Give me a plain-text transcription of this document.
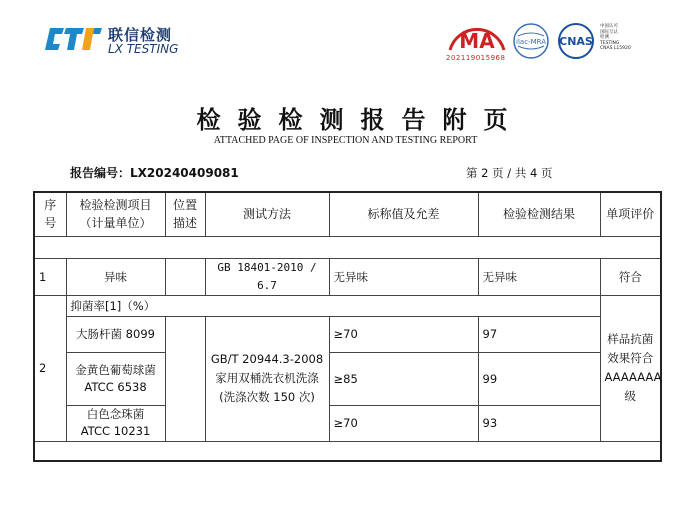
联信检测
LX TESTING	MA
202119015968
ilac-MRA CNAS
中国认可
国际互认
检测
TESTING
CNAS L15920
检验检测报告附页
ATTACHED PAGE OF INSPECTION AND TESTING REPORT
报告编号：LX20240409081	第 2 页 / 共 4 页
序号	检验检测项目（计量单位）	位置描述	测试方法	标称值及允差	检验检测结果	单项评价

1	异味		GB 18401-2010 / 6.7	无异味	无异味	符合
2	抑菌率[1]（%）					样品抗菌效果符合AAAAAAA级
	大肠杆菌 8099		GB/T 20944.3-2008 家用双桶洗衣机洗涤 (洗涤次数 150 次)	≥70	97	
	金黄色葡萄球菌 ATCC 6538			≥85	99	
	白色念珠菌 ATCC 10231			≥70	93	
